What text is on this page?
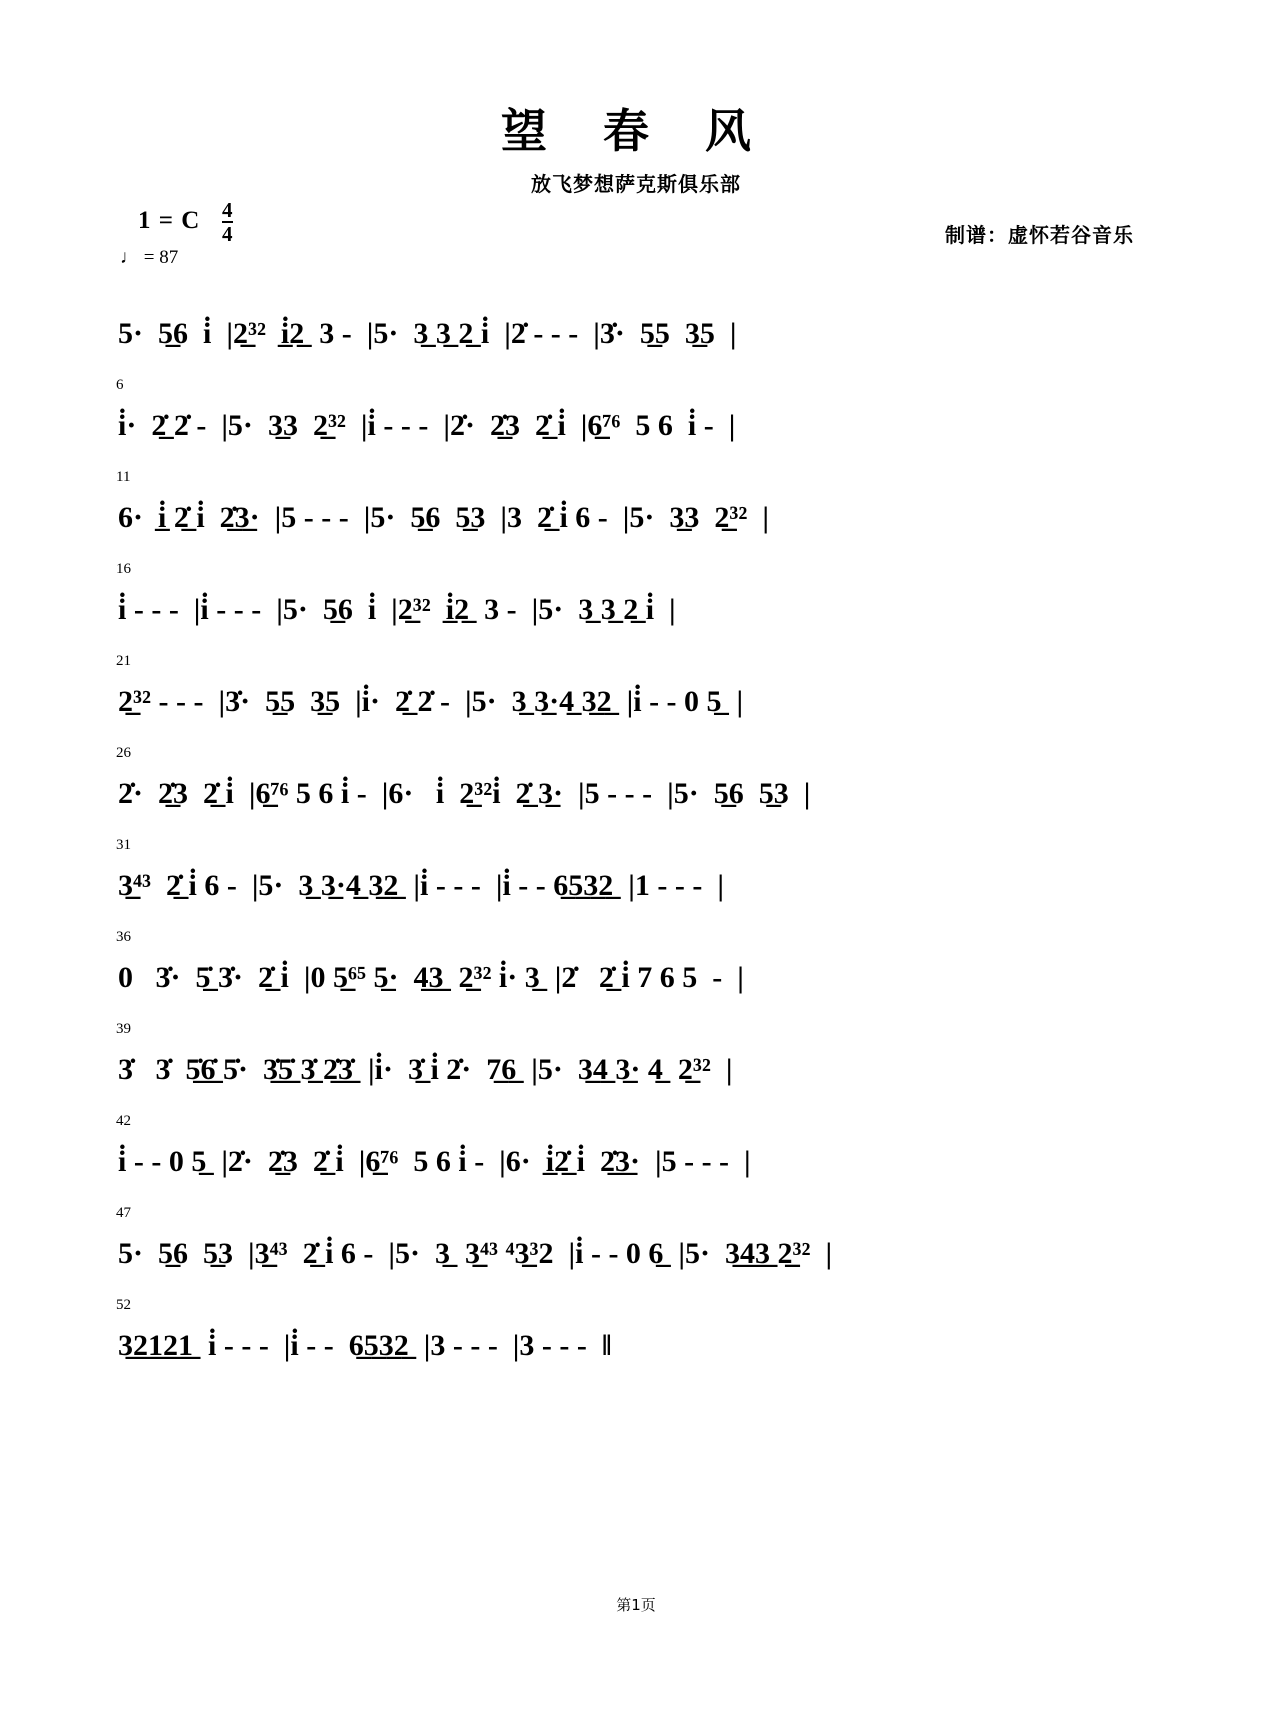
望 春 风
放飞梦想萨克斯俱乐部
1 = C $\frac{4}{4}$
♩ = 87
制谱：虚怀若谷音乐
5·  5̲6  i̇  |2̲̲³²  i̲̇2̲  3 -  |5·  3̲ 3̲ 2̲ i̇  |2̇ - - -  |3̇·  5̲5  3̲5  |
6
i̇·  2̲̇ 2̇ -  |5·  3̲3  2̲̲³²  |i̇ - - -  |2̇·  2̲̇3  2̲̇ i̇  |6̲̲⁷⁶  5 6  i̇ -  |
11
6·  i̲̇ 2̲̇ i̇  2̲̇3̲·  |5 - - -  |5·  5̲6  5̲3  |3  2̲̇ i̇ 6 -  |5·  3̲3  2̲̲³²  |
16
i̇ - - -  |i̇ - - -  |5·  5̲6  i̇  |2̲̲³²  i̲̇2̲  3 -  |5·  3̲ 3̲ 2̲ i̇  |
21
2̲̲³² - - -  |3̇·  5̲5  3̲5  |i̇·  2̲̇ 2̇ -  |5·  3̲ 3̲·4̲ 3̲2̲  |i̇ - - 0 5̲  |
26
2̇·  2̲̇3  2̲̇ i̇  |6̲̲⁷⁶ 5 6 i̇ -  |6·   i̇  2̲̲³²i̇  2̲̇ 3̲·  |5 - - -  |5·  5̲6  5̲3  |
31
3̲̲⁴³  2̲̇ i̇ 6 -  |5·  3̲ 3̲·4̲ 3̲2̲  |i̇ - - -  |i̇ - - 6̲5̲3̲2̲  |1 - - -  |
36
0   3̇·  5̲̇ 3̇·  2̲̇ i̇  |0 5̲̲⁶⁵ 5̲·  4̲3̲  2̲̲³² i̇· 3̲  |2̇   2̲̇ i̇ 7 6 5  -  |
39
3̇   3̇  5̲̇6̲̇ 5̇·  3̲̇5̲̇ 3̲̇ 2̲̇3̲̇  |i̇·  3̲̇ i̇ 2̇·  7̲6̲  |5·  3̲4̲ 3̲· 4̲  2̲̲³²  |
42
i̇ - - 0 5̲  |2̇·  2̲̇3  2̲̇ i̇  |6̲̲⁷⁶  5 6 i̇ -  |6·  i̲̇2̲̇ i̇  2̲̇3̲·  |5 - - -  |
47
5·  5̲6  5̲3  |3̲̲⁴³  2̲̇ i̇ 6 -  |5·  3̲  3̲̲⁴³ ⁴3̲̲³2  |i̇ - - 0 6̲  |5·  3̲4̲3̲ 2̲̲³²  |
52
3̲2̲1̲2̲1̲  i̇ - - -  |i̇ - -  6̲5̲3̲2̲  |3 - - -  |3 - - -  ‖
第1页
